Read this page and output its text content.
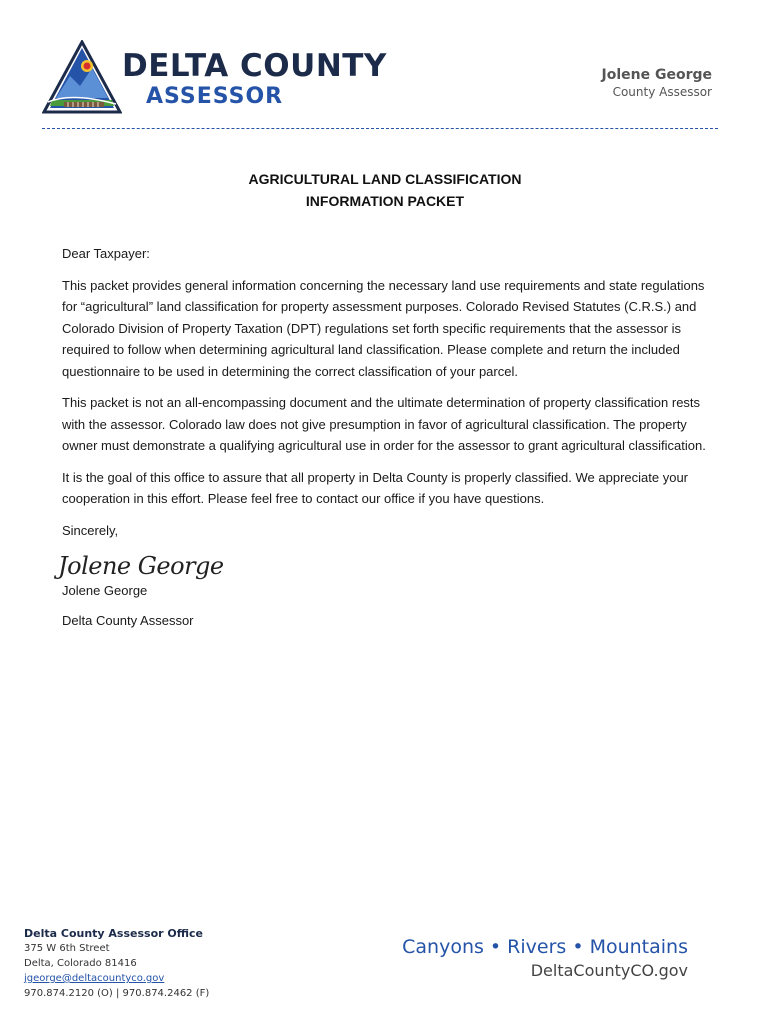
DELTA COUNTY
ASSESSOR
Jolene George
County Assessor
AGRICULTURAL LAND CLASSIFICATION
INFORMATION PACKET

Dear Taxpayer:

This packet provides general information concerning the necessary land use requirements and state regulations for “agricultural” land classification for property assessment purposes. Colorado Revised Statutes (C.R.S.) and Colorado Division of Property Taxation (DPT) regulations set forth specific requirements that the assessor is required to follow when determining agricultural land classification. Please complete and return the included questionnaire to be used in determining the correct classification of your parcel.

This packet is not an all-encompassing document and the ultimate determination of property classification rests with the assessor. Colorado law does not give presumption in favor of agricultural classification. The property owner must demonstrate a qualifying agricultural use in order for the assessor to grant agricultural classification.

It is the goal of this office to assure that all property in Delta County is properly classified. We appreciate your cooperation in this effort. Please feel free to contact our office if you have questions.

Sincerely,

Jolene George

Jolene George

Delta County Assessor

Delta County Assessor Office
375 W 6th Street
Delta, Colorado 81416
jgeorge@deltacountyco.gov
970.874.2120 (O) | 970.874.2462 (F)
Canyons • Rivers • Mountains
DeltaCountyCO.gov
